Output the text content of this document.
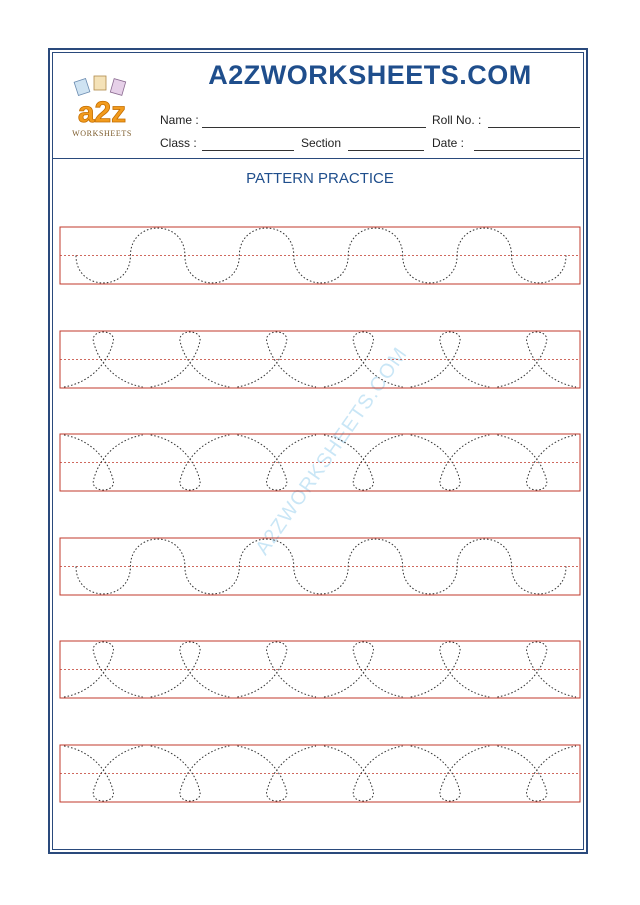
a2z
WORKSHEETS
A2ZWORKSHEETS.COM
Name :	Roll No. :
Class :	Section	Date :
PATTERN PRACTICE
A2ZWORKSHEETS.COM
